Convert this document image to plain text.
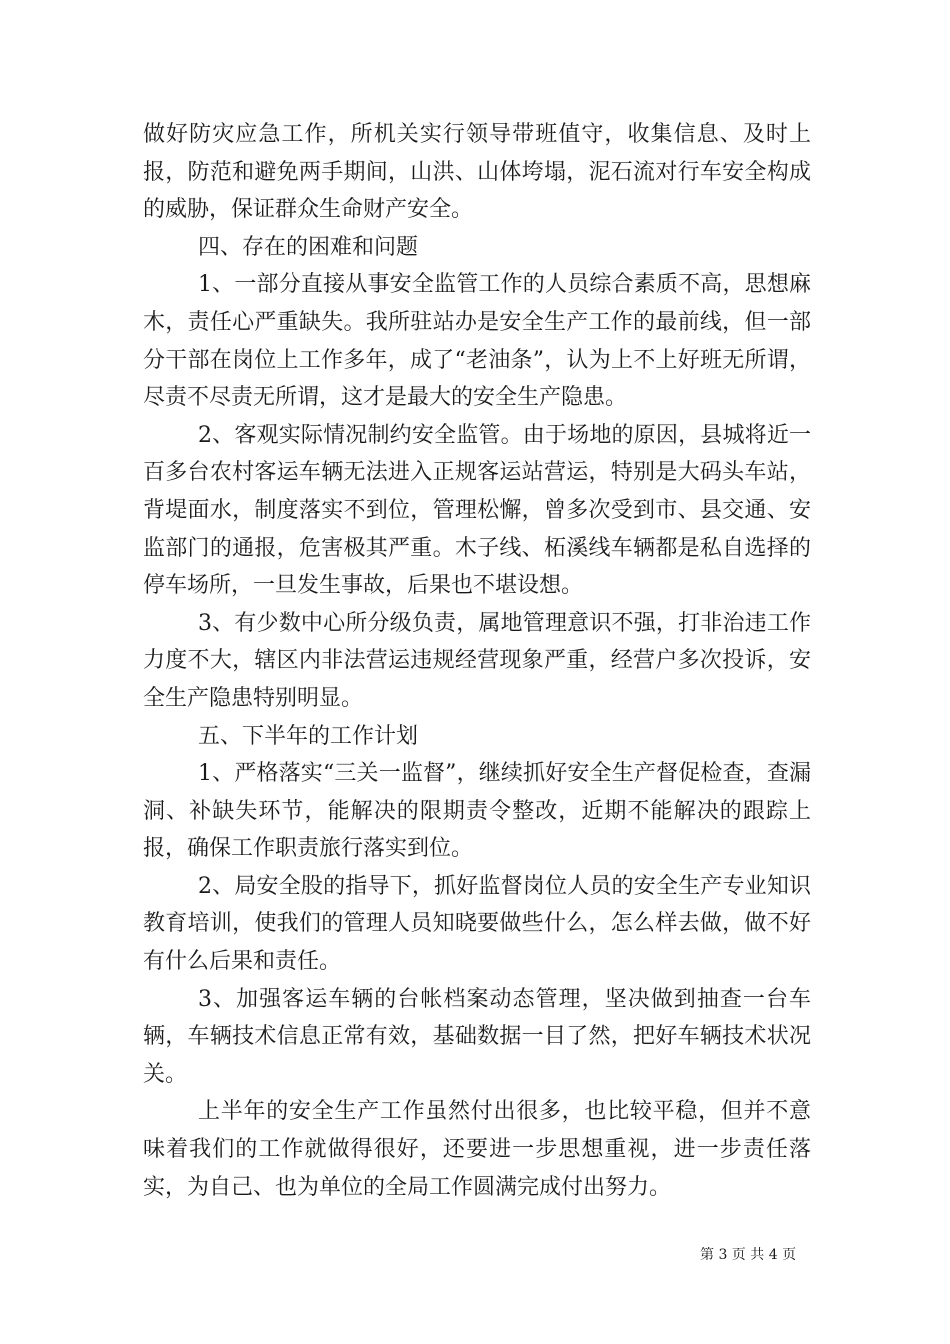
做好防灾应急工作，所机关实行领导带班值守，收集信息、及时上报，防范和避免两手期间，山洪、山体垮塌，泥石流对行车安全构成的威胁，保证群众生命财产安全。

四、存在的困难和问题

1、一部分直接从事安全监管工作的人员综合素质不高，思想麻木，责任心严重缺失。我所驻站办是安全生产工作的最前线，但一部分干部在岗位上工作多年，成了“老油条”，认为上不上好班无所谓，尽责不尽责无所谓，这才是最大的安全生产隐患。

2、客观实际情况制约安全监管。由于场地的原因，县城将近一百多台农村客运车辆无法进入正规客运站营运，特别是大码头车站，背堤面水，制度落实不到位，管理松懈，曾多次受到市、县交通、安监部门的通报，危害极其严重。木子线、柘溪线车辆都是私自选择的停车场所，一旦发生事故，后果也不堪设想。

3、有少数中心所分级负责，属地管理意识不强，打非治违工作力度不大，辖区内非法营运违规经营现象严重，经营户多次投诉，安全生产隐患特别明显。

五、下半年的工作计划

1、严格落实“三关一监督”，继续抓好安全生产督促检查，查漏洞、补缺失环节，能解决的限期责令整改，近期不能解决的跟踪上报，确保工作职责旅行落实到位。

2、局安全股的指导下，抓好监督岗位人员的安全生产专业知识教育培训，使我们的管理人员知晓要做些什么，怎么样去做，做不好有什么后果和责任。

3、加强客运车辆的台帐档案动态管理，坚决做到抽查一台车辆，车辆技术信息正常有效，基础数据一目了然，把好车辆技术状况关。

上半年的安全生产工作虽然付出很多，也比较平稳，但并不意味着我们的工作就做得很好，还要进一步思想重视，进一步责任落实，为自己、也为单位的全局工作圆满完成付出努力。

第 3 页 共 4 页
